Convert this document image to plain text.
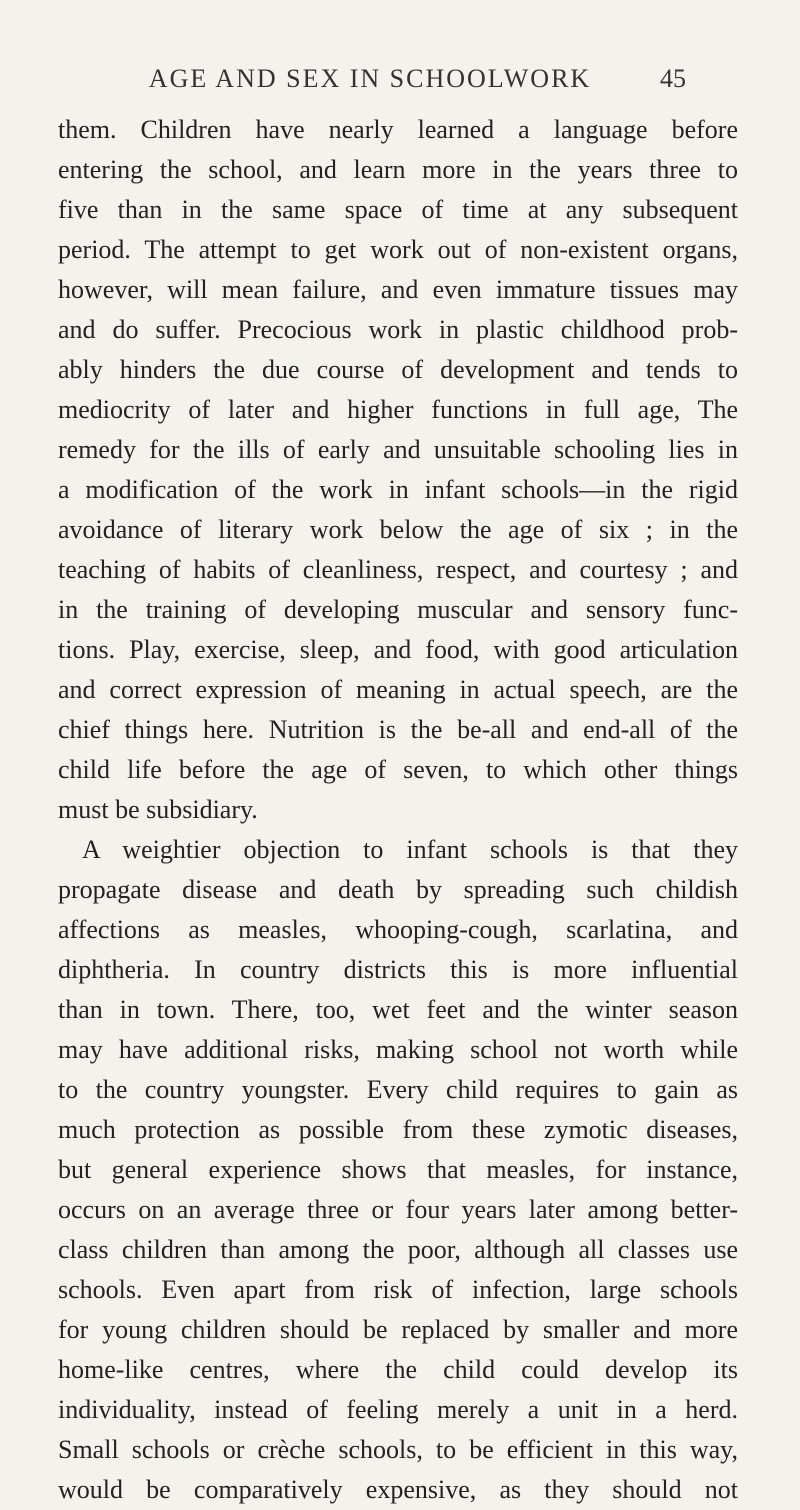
AGE AND SEX IN SCHOOLWORK	45
them. Children have nearly learned a language before
entering the school, and learn more in the years three to
five than in the same space of time at any subsequent
period. The attempt to get work out of non-existent organs,
however, will mean failure, and even immature tissues may
and do suffer. Precocious work in plastic childhood prob-
ably hinders the due course of development and tends to
mediocrity of later and higher functions in full age, The
remedy for the ills of early and unsuitable schooling lies in
a modification of the work in infant schools—in the rigid
avoidance of literary work below the age of six ; in the
teaching of habits of cleanliness, respect, and courtesy ; and
in the training of developing muscular and sensory func-
tions. Play, exercise, sleep, and food, with good articulation
and correct expression of meaning in actual speech, are the
chief things here. Nutrition is the be-all and end-all of the
child life before the age of seven, to which other things
must be subsidiary.
A weightier objection to infant schools is that they
propagate disease and death by spreading such childish
affections as measles, whooping-cough, scarlatina, and
diphtheria. In country districts this is more influential
than in town. There, too, wet feet and the winter season
may have additional risks, making school not worth while
to the country youngster. Every child requires to gain as
much protection as possible from these zymotic diseases,
but general experience shows that measles, for instance,
occurs on an average three or four years later among better-
class children than among the poor, although all classes use
schools. Even apart from risk of infection, large schools
for young children should be replaced by smaller and more
home-like centres, where the child could develop its
individuality, instead of feeling merely a unit in a herd.
Small schools or crèche schools, to be efficient in this way,
would be comparatively expensive, as they should not
